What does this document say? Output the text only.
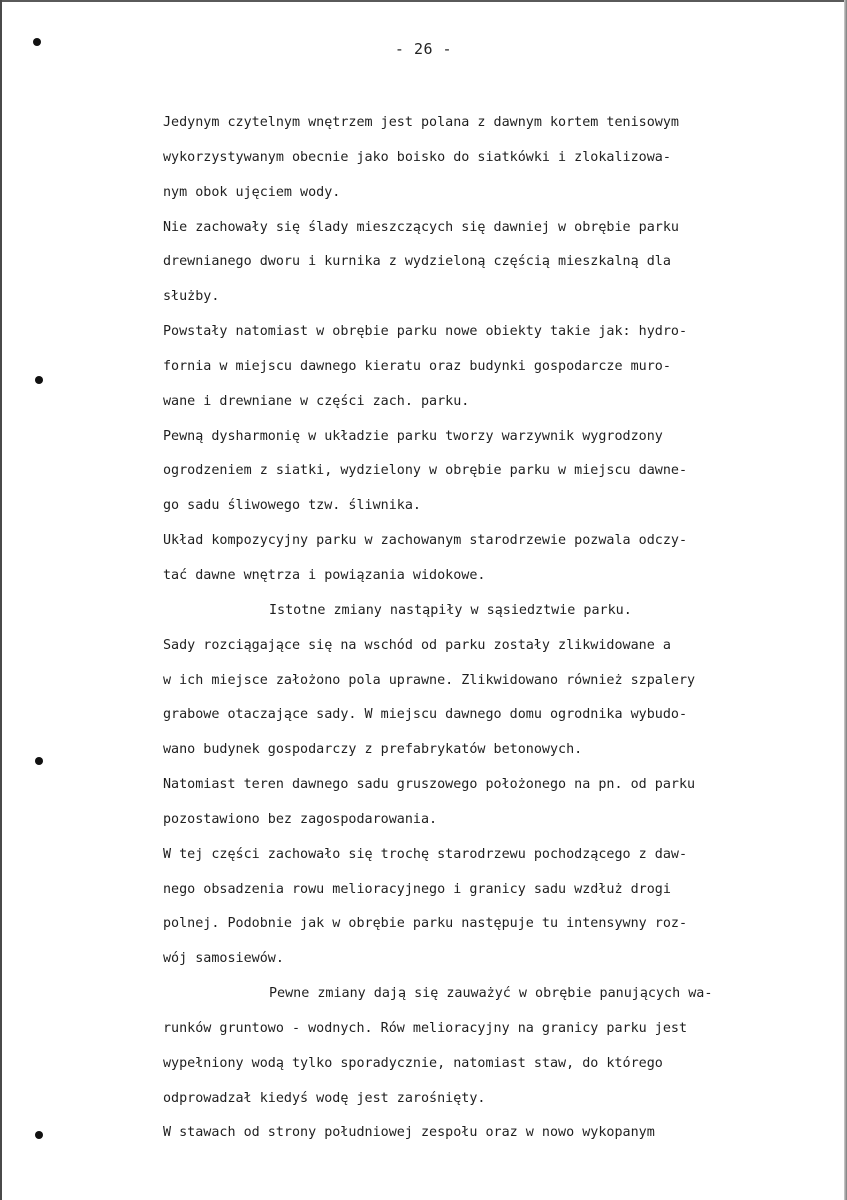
- 26 -
Jedynym czytelnym wnętrzem jest polana z dawnym kortem tenisowym
wykorzystywanym obecnie jako boisko do siatkówki i zlokalizowa-
nym obok ujęciem wody.
Nie zachowały się ślady mieszczących się dawniej w obrębie parku
drewnianego dworu i kurnika z wydzieloną częścią mieszkalną dla
służby.
Powstały natomiast w obrębie parku nowe obiekty takie jak: hydro-
fornia w miejscu dawnego kieratu oraz budynki gospodarcze muro-
wane i drewniane w części zach. parku.
Pewną dysharmonię w układzie parku tworzy warzywnik wygrodzony
ogrodzeniem z siatki, wydzielony w obrębie parku w miejscu dawne-
go sadu śliwowego tzw. śliwnika.
Układ kompozycyjny parku w zachowanym starodrzewie pozwala odczy-
tać dawne wnętrza i powiązania widokowe.
Istotne zmiany nastąpiły w sąsiedztwie parku.
Sady rozciągające się na wschód od parku zostały zlikwidowane a
w ich miejsce założono pola uprawne. Zlikwidowano również szpalery
grabowe otaczające sady. W miejscu dawnego domu ogrodnika wybudo-
wano budynek gospodarczy z prefabrykatów betonowych.
Natomiast teren dawnego sadu gruszowego położonego na pn. od parku
pozostawiono bez zagospodarowania.
W tej części zachowało się trochę starodrzewu pochodzącego z daw-
nego obsadzenia rowu melioracyjnego i granicy sadu wzdłuż drogi
polnej. Podobnie jak w obrębie parku następuje tu intensywny roz-
wój samosiewów.
Pewne zmiany dają się zauważyć w obrębie panujących wa-
runków gruntowo - wodnych. Rów melioracyjny na granicy parku jest
wypełniony wodą tylko sporadycznie, natomiast staw, do którego
odprowadzał kiedyś wodę jest zarośnięty.
W stawach od strony południowej zespołu oraz w nowo wykopanym
